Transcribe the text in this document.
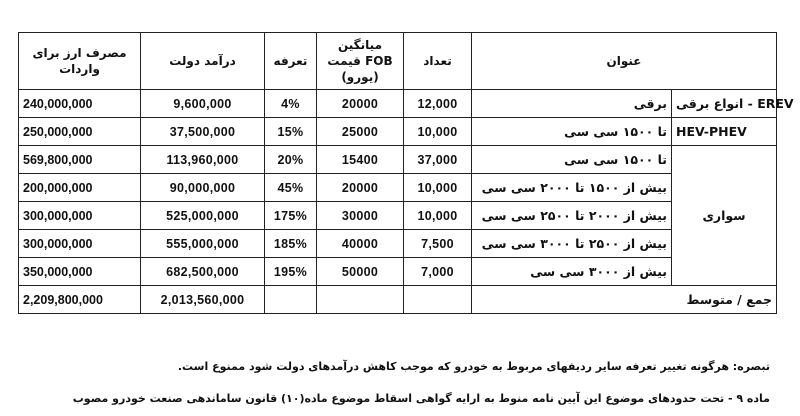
مصرف ارز برای واردات	درآمد دولت	تعرفه	میانگین قیمت FOB (یورو)	تعداد	عنوان	
240,000,000	9,600,000	4%	20000	12,000	برقی	انواع برقی - EREV
250,000,000	37,500,000	15%	25000	10,000	تا ۱۵۰۰ سی سی	HEV-PHEV
569,800,000	113,960,000	20%	15400	37,000	تا ۱۵۰۰ سی سی	سواری
200,000,000	90,000,000	45%	20000	10,000	بیش از ۱۵۰۰ تا ۲۰۰۰ سی سی	
300,000,000	525,000,000	175%	30000	10,000	بیش از ۲۰۰۰ تا ۲۵۰۰ سی سی	
300,000,000	555,000,000	185%	40000	7,500	بیش از ۲۵۰۰ تا ۳۰۰۰ سی سی	
350,000,000	682,500,000	195%	50000	7,000	بیش از ۳۰۰۰ سی سی	
2,209,800,000	2,013,560,000				جمع / متوسط	

تبصره: هرگونه تغییر تعرفه سایر ردیفهای مربوط به خودرو که موجب کاهش درآمدهای دولت شود ممنوع است.

ماده ۹ - تحت حدودهای موضوع این آیین نامه منوط به ارایه گواهی اسقاط موضوع ماده(۱۰) قانون ساماندهی صنعت خودرو مصوب
